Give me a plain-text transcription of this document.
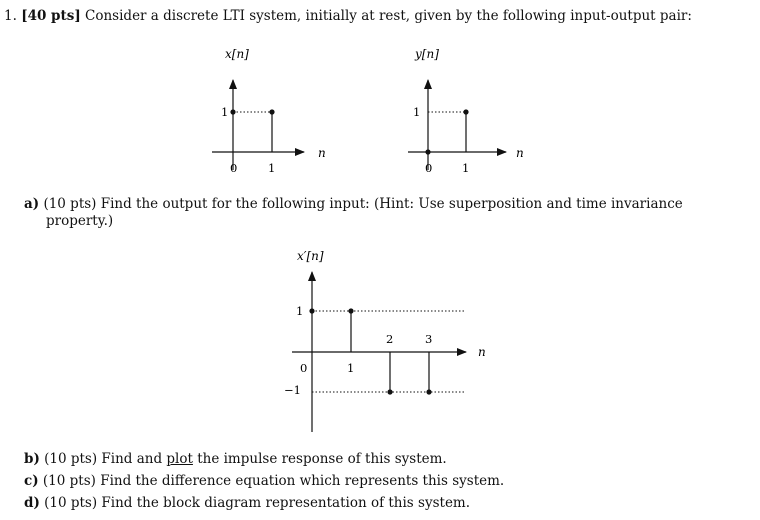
1. [40 pts] Consider a discrete LTI system, initially at rest, given by the following input-output pair:
x[n]
n
1
0	1
y[n]
n
1
0	1
x′[n]
n
1
−1
0	1
2	3
a) (10 pts) Find the output for the following input: (Hint: Use superposition and time invariance
property.)
b) (10 pts) Find and plot the impulse response of this system.
c) (10 pts) Find the difference equation which represents this system.
d) (10 pts) Find the block diagram representation of this system.
